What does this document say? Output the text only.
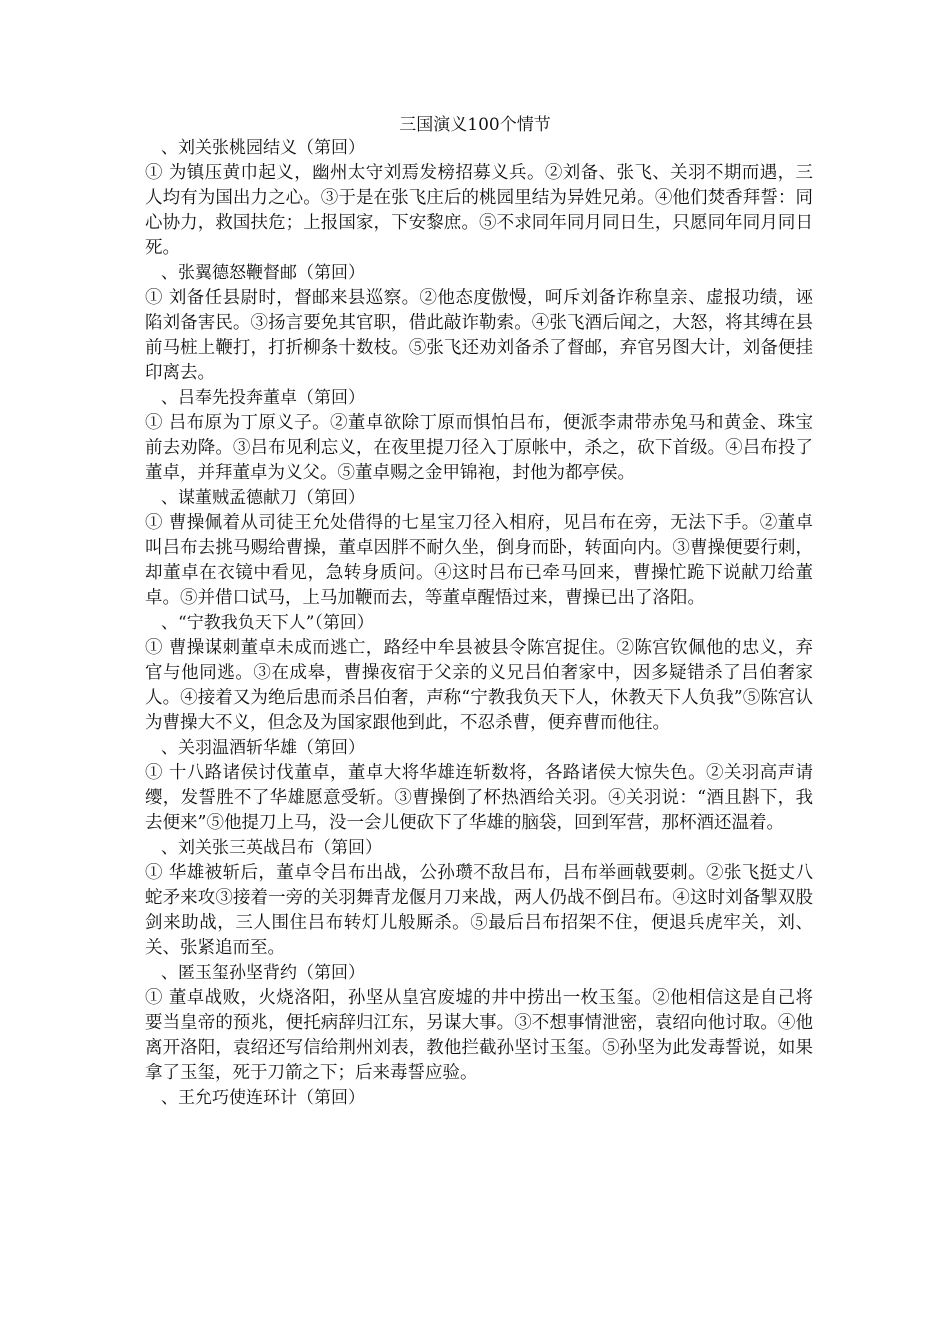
三国演义100个情节
、刘关张桃园结义（第回）
① 为镇压黄巾起义，幽州太守刘焉发榜招募义兵。②刘备、张飞、关羽不期而遇，三人均有为国出力之心。③于是在张飞庄后的桃园里结为异姓兄弟。④他们焚香拜誓：同心协力，救国扶危；上报国家，下安黎庶。⑤不求同年同月同日生，只愿同年同月同日死。
、张翼德怒鞭督邮（第回）
① 刘备任县尉时，督邮来县巡察。②他态度傲慢，呵斥刘备诈称皇亲、虚报功绩，诬陷刘备害民。③扬言要免其官职，借此敲诈勒索。④张飞酒后闻之，大怒，将其缚在县前马桩上鞭打，打折柳条十数枝。⑤张飞还劝刘备杀了督邮，弃官另图大计，刘备便挂印离去。
、吕奉先投奔董卓（第回）
① 吕布原为丁原义子。②董卓欲除丁原而惧怕吕布，便派李肃带赤兔马和黄金、珠宝前去劝降。③吕布见利忘义，在夜里提刀径入丁原帐中，杀之，砍下首级。④吕布投了董卓，并拜董卓为义父。⑤董卓赐之金甲锦袍，封他为都亭侯。
、谋董贼孟德献刀（第回）
① 曹操佩着从司徒王允处借得的七星宝刀径入相府，见吕布在旁，无法下手。②董卓叫吕布去挑马赐给曹操，董卓因胖不耐久坐，倒身而卧，转面向内。③曹操便要行刺，却董卓在衣镜中看见，急转身质问。④这时吕布已牵马回来，曹操忙跪下说献刀给董卓。⑤并借口试马，上马加鞭而去，等董卓醒悟过来，曹操已出了洛阳。
、“宁教我负天下人”（第回）
① 曹操谋刺董卓未成而逃亡，路经中牟县被县令陈宫捉住。②陈宫钦佩他的忠义，弃官与他同逃。③在成皋，曹操夜宿于父亲的义兄吕伯奢家中，因多疑错杀了吕伯奢家人。④接着又为绝后患而杀吕伯奢，声称“宁教我负天下人，休教天下人负我”⑤陈宫认为曹操大不义，但念及为国家跟他到此，不忍杀曹，便弃曹而他往。
、关羽温酒斩华雄（第回）
① 十八路诸侯讨伐董卓，董卓大将华雄连斩数将，各路诸侯大惊失色。②关羽高声请缨，发誓胜不了华雄愿意受斩。③曹操倒了杯热酒给关羽。④关羽说：“酒且斟下，我去便来”⑤他提刀上马，没一会儿便砍下了华雄的脑袋，回到军营，那杯酒还温着。
、刘关张三英战吕布（第回）
① 华雄被斩后，董卓令吕布出战，公孙瓒不敌吕布，吕布举画戟要刺。②张飞挺丈八蛇矛来攻③接着一旁的关羽舞青龙偃月刀来战，两人仍战不倒吕布。④这时刘备掣双股剑来助战，三人围住吕布转灯儿般厮杀。⑤最后吕布招架不住，便退兵虎牢关，刘、关、张紧追而至。
、匿玉玺孙坚背约（第回）
① 董卓战败，火烧洛阳，孙坚从皇宫废墟的井中捞出一枚玉玺。②他相信这是自己将要当皇帝的预兆，便托病辞归江东，另谋大事。③不想事情泄密，袁绍向他讨取。④他离开洛阳，袁绍还写信给荆州刘表，教他拦截孙坚讨玉玺。⑤孙坚为此发毒誓说，如果拿了玉玺，死于刀箭之下；后来毒誓应验。
、王允巧使连环计（第回）
